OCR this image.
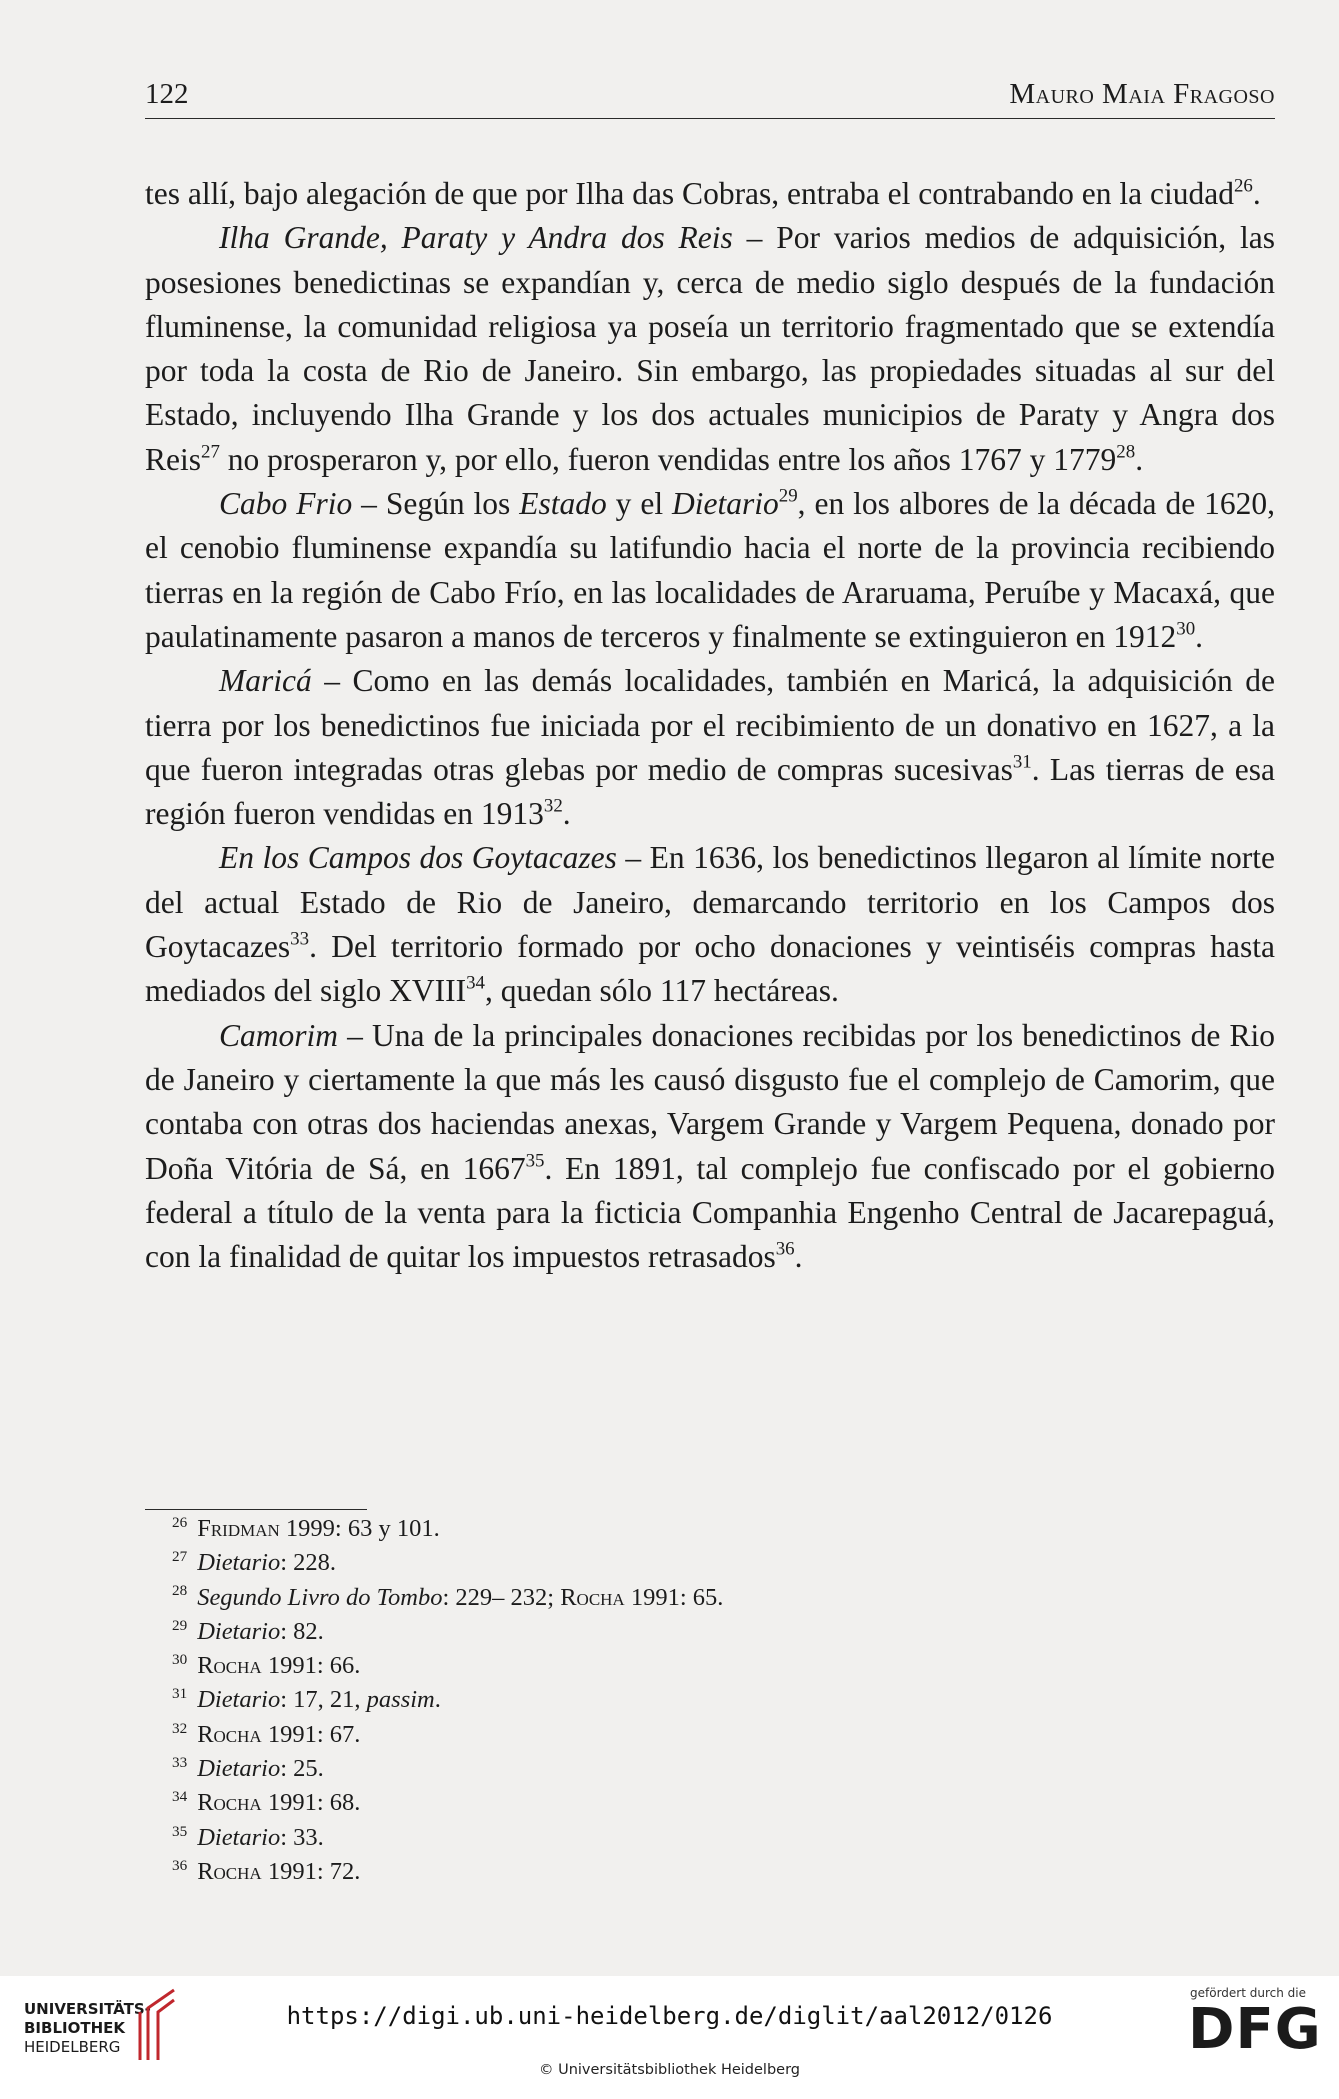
122	Mauro Maia Fragoso

tes allí, bajo alegación de que por Ilha das Cobras, entraba el contrabando en la ciudad$^{26}$.

Ilha Grande, Paraty y Andra dos Reis – Por varios medios de adquisición, las posesiones benedictinas se expandían y, cerca de medio siglo después de la fundación fluminense, la comunidad religiosa ya poseía un territorio fragmentado que se extendía por toda la costa de Rio de Janeiro. Sin embargo, las propiedades situadas al sur del Estado, incluyendo Ilha Grande y los dos actuales municipios de Paraty y Angra dos Reis$^{27}$ no prosperaron y, por ello, fueron vendidas entre los años 1767 y 1779$^{28}$.

Cabo Frio – Según los Estado y el Dietario$^{29}$, en los albores de la década de 1620, el cenobio fluminense expandía su latifundio hacia el norte de la provincia recibiendo tierras en la región de Cabo Frío, en las localidades de Araruama, Peruíbe y Macaxá, que paulatinamente pasaron a manos de terceros y finalmente se extinguieron en 1912$^{30}$.

Maricá – Como en las demás localidades, también en Maricá, la adquisición de tierra por los benedictinos fue iniciada por el recibimiento de un donativo en 1627, a la que fueron integradas otras glebas por medio de compras sucesivas$^{31}$. Las tierras de esa región fueron vendidas en 1913$^{32}$.

En los Campos dos Goytacazes – En 1636, los benedictinos llegaron al límite norte del actual Estado de Rio de Janeiro, demarcando territorio en los Campos dos Goytacazes$^{33}$. Del territorio formado por ocho donaciones y veintiséis compras hasta mediados del siglo XVIII$^{34}$, quedan sólo 117 hectáreas.

Camorim – Una de la principales donaciones recibidas por los benedictinos de Rio de Janeiro y ciertamente la que más les causó disgusto fue el complejo de Camorim, que contaba con otras dos haciendas anexas, Vargem Grande y Vargem Pequena, donado por Doña Vitória de Sá, en 1667$^{35}$. En 1891, tal complejo fue confiscado por el gobierno federal a título de la venta para la ficticia Companhia Engenho Central de Jacarepaguá, con la finalidad de quitar los impuestos retrasados$^{36}$.

$^{26}$ Fridman 1999: 63 y 101.
$^{27}$ Dietario: 228.
$^{28}$ Segundo Livro do Tombo: 229– 232; Rocha 1991: 65.
$^{29}$ Dietario: 82.
$^{30}$ Rocha 1991: 66.
$^{31}$ Dietario: 17, 21, passim.
$^{32}$ Rocha 1991: 67.
$^{33}$ Dietario: 25.
$^{34}$ Rocha 1991: 68.
$^{35}$ Dietario: 33.
$^{36}$ Rocha 1991: 72.
UNIVERSITÄTS-
BIBLIOTHEK
HEIDELBERG
https://digi.ub.uni-heidelberg.de/diglit/aal2012/0126
© Universitätsbibliothek Heidelberg
gefördert durch die
DFG
